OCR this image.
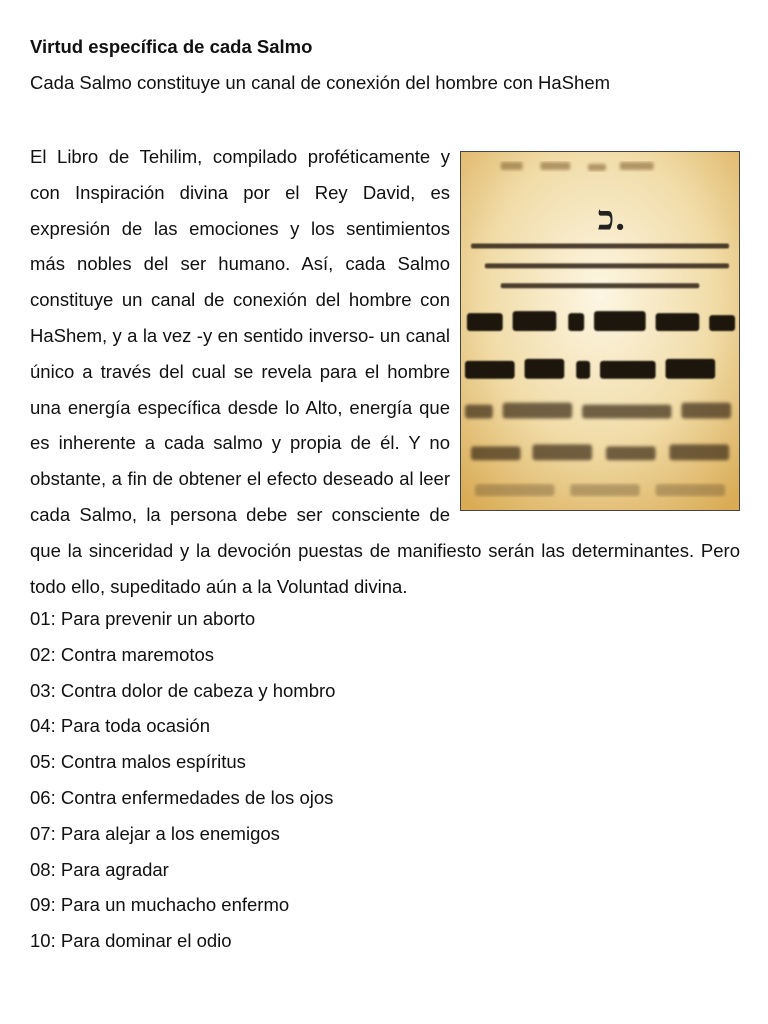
Virtud específica de cada Salmo
Cada Salmo constituye un canal de conexión del hombre con HaShem
כ.

El Libro de Tehilim, compilado proféticamente y con Inspiración divina por el Rey David, es expresión de las emociones y los sentimientos más nobles del ser humano. Así, cada Salmo constituye un canal de conexión del hombre con HaShem, y a la vez -y en sentido inverso- un canal único a través del cual se revela para el hombre una energía específica desde lo Alto, energía que es inherente a cada salmo y propia de él. Y no obstante, a fin de obtener el efecto deseado al leer cada Salmo, la persona debe ser consciente de que la sinceridad y la devoción puestas de manifiesto serán las determinantes. Pero todo ello, supeditado aún a la Voluntad divina.

01: Para prevenir un aborto
02: Contra maremotos
03: Contra dolor de cabeza y hombro
04: Para toda ocasión
05: Contra malos espíritus
06: Contra enfermedades de los ojos
07: Para alejar a los enemigos
08: Para agradar
09: Para un muchacho enfermo
10: Para dominar el odio
